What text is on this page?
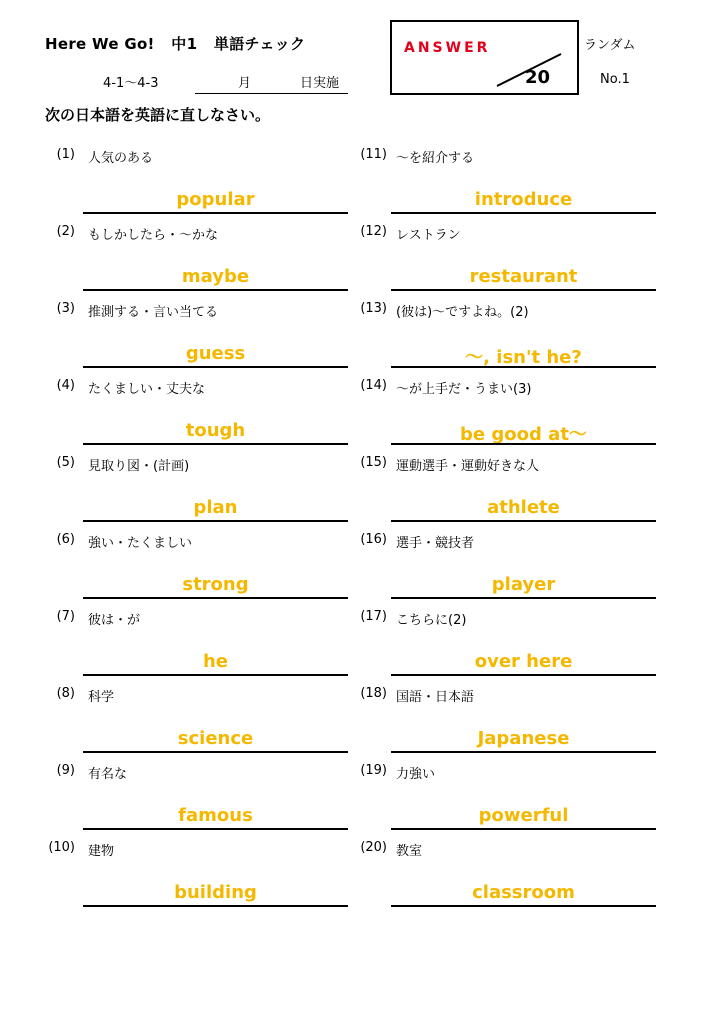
Here We Go! 中1 単語チェック
4-1～4-3	月	日実施
ANSWER
20
ランダム
No.1
次の日本語を英語に直しなさい。
(1) 人気のある
popular
(2) もしかしたら・～かな
maybe
(3) 推測する・言い当てる
guess
(4) たくましい・丈夫な
tough
(5) 見取り図・(計画)
plan
(6) 強い・たくましい
strong
(7) 彼は・が
he
(8) 科学
science
(9) 有名な
famous
(10) 建物
building
(11) ～を紹介する
introduce
(12) レストラン
restaurant
(13) (彼は)～ですよね。(2)
～, isn't he?
(14) ～が上手だ・うまい(3)
be good at～
(15) 運動選手・運動好きな人
athlete
(16) 選手・競技者
player
(17) こちらに(2)
over here
(18) 国語・日本語
Japanese
(19) 力強い
powerful
(20) 教室
classroom
